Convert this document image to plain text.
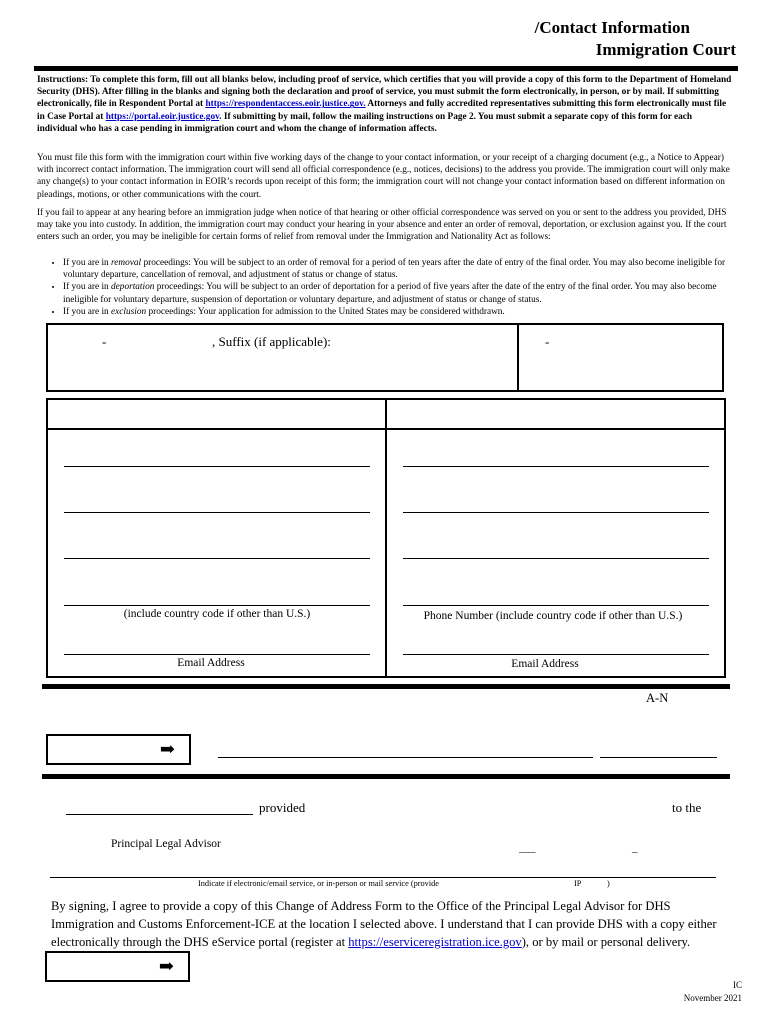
/Contact Information
Immigration Court
Instructions: To complete this form, fill out all blanks below, including proof of service, which certifies that you will provide a copy of this form to the Department of Homeland Security (DHS). After filling in the blanks and signing both the declaration and proof of service, you must submit the form electronically, in person, or by mail. If submitting electronically, file in Respondent Portal at https://respondentaccess.eoir.justice.gov. Attorneys and fully accredited representatives submitting this form electronically must file in Case Portal at https://portal.eoir.justice.gov. If submitting by mail, follow the mailing instructions on Page 2. You must submit a separate copy of this form for each individual who has a case pending in immigration court and whom the change of information affects.

You must file this form with the immigration court within five working days of the change to your contact information, or your receipt of a charging document (e.g., a Notice to Appear) with incorrect contact information. The immigration court will send all official correspondence (e.g., notices, decisions) to the address you provide. The immigration court will only make any change(s) to your contact information in EOIR’s records upon receipt of this form; the immigration court will not change your contact information based on different information on pleadings, motions, or other communications with the court.

If you fail to appear at any hearing before an immigration judge when notice of that hearing or other official correspondence was served on you or sent to the address you provided, DHS may take you into custody. In addition, the immigration court may conduct your hearing in your absence and enter an order of removal, deportation, or exclusion against you. If the court enters such an order, you may be ineligible for certain forms of relief from removal under the Immigration and Nationality Act as follows:

• If you are in removal proceedings: You will be subject to an order of removal for a period of ten years after the date of entry of the final order. You may also become ineligible for voluntary departure, cancellation of removal, and adjustment of status or change of status.
• If you are in deportation proceedings: You will be subject to an order of deportation for a period of five years after the date of the entry of the final order. You may also become ineligible for voluntary departure, suspension of deportation or voluntary departure, and adjustment of status or change of status.
• If you are in exclusion proceedings: Your application for admission to the United States may be considered withdrawn.
-	, Suffix (if applicable):	-
(include country code if other than U.S.)
Email Address
Phone Number (include country code if other than U.S.)
Email Address
A-N
➡
provided	to the
Principal Legal Advisor	___	_
Indicate if electronic/email service, or in-person or mail service (provide	IP	)
By signing, I agree to provide a copy of this Change of Address Form to the Office of the Principal Legal Advisor for DHS Immigration and Customs Enforcement-ICE at the location I selected above. I understand that I can provide DHS with a copy either electronically through the DHS eService portal (register at https://eserviceregistration.ice.gov), or by mail or personal delivery.
➡
IC
November 2021
